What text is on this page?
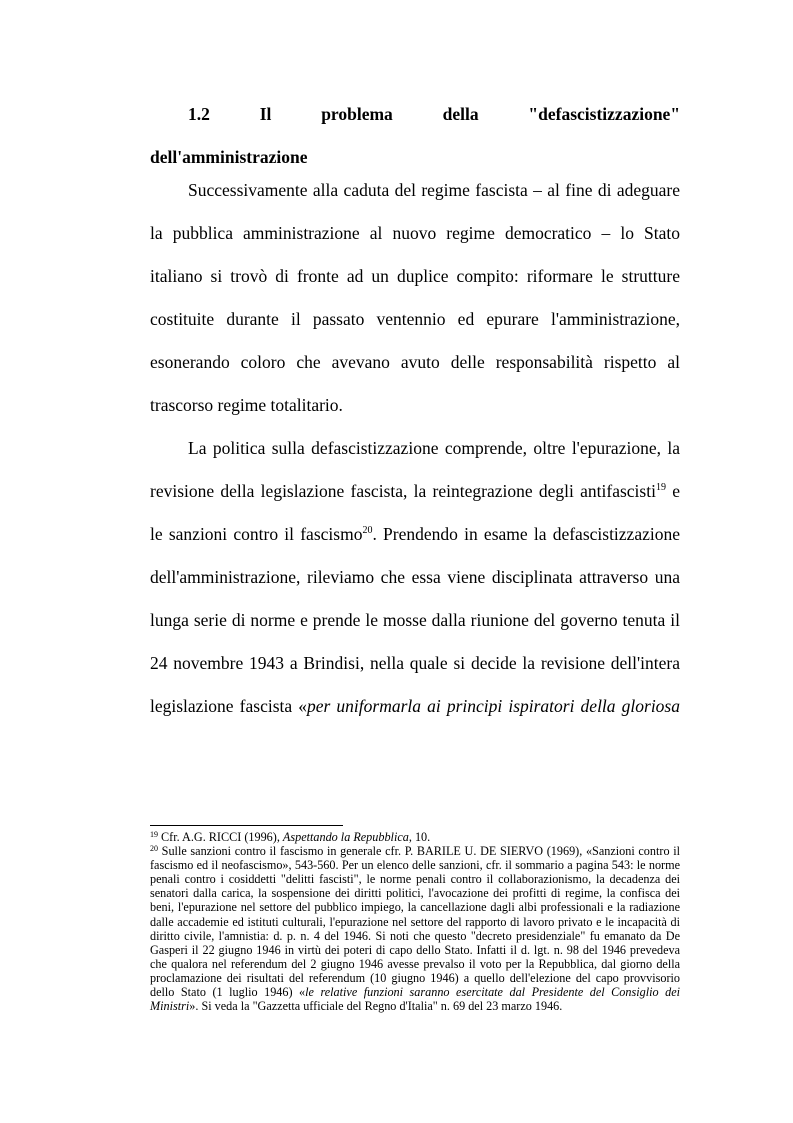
1.2	Il	problema	della	"defascistizzazione"
dell'amministrazione

Successivamente alla caduta del regime fascista – al fine di adeguare la pubblica amministrazione al nuovo regime democratico – lo Stato italiano si trovò di fronte ad un duplice compito: riformare le strutture costituite durante il passato ventennio ed epurare l'amministrazione, esonerando coloro che avevano avuto delle responsabilità rispetto al trascorso regime totalitario.

La politica sulla defascistizzazione comprende, oltre l'epurazione, la revisione della legislazione fascista, la reintegrazione degli antifascisti$^{19}$ e le sanzioni contro il fascismo$^{20}$. Prendendo in esame la defascistizzazione dell'amministrazione, rileviamo che essa viene disciplinata attraverso una lunga serie di norme e prende le mosse dalla riunione del governo tenuta il 24 novembre 1943 a Brindisi, nella quale si decide la revisione dell'intera legislazione fascista «per uniformarla ai principi ispiratori della gloriosa

$^{19}$ Cfr. A.G. RICCI (1996), Aspettando la Repubblica, 10.

$^{20}$ Sulle sanzioni contro il fascismo in generale cfr. P. BARILE U. DE SIERVO (1969), «Sanzioni contro il fascismo ed il neofascismo», 543-560. Per un elenco delle sanzioni, cfr. il sommario a pagina 543: le norme penali contro i cosiddetti "delitti fascisti", le norme penali contro il collaborazionismo, la decadenza dei senatori dalla carica, la sospensione dei diritti politici, l'avocazione dei profitti di regime, la confisca dei beni, l'epurazione nel settore del pubblico impiego, la cancellazione dagli albi professionali e la radiazione dalle accademie ed istituti culturali, l'epurazione nel settore del rapporto di lavoro privato e le incapacità di diritto civile, l'amnistia: d. p. n. 4 del 1946. Si noti che questo "decreto presidenziale" fu emanato da De Gasperi il 22 giugno 1946 in virtù dei poteri di capo dello Stato. Infatti il d. lgt. n. 98 del 1946 prevedeva che qualora nel referendum del 2 giugno 1946 avesse prevalso il voto per la Repubblica, dal giorno della proclamazione dei risultati del referendum (10 giugno 1946) a quello dell'elezione del capo provvisorio dello Stato (1 luglio 1946) «le relative funzioni saranno esercitate dal Presidente del Consiglio dei Ministri». Si veda la "Gazzetta ufficiale del Regno d'Italia" n. 69 del 23 marzo 1946.
